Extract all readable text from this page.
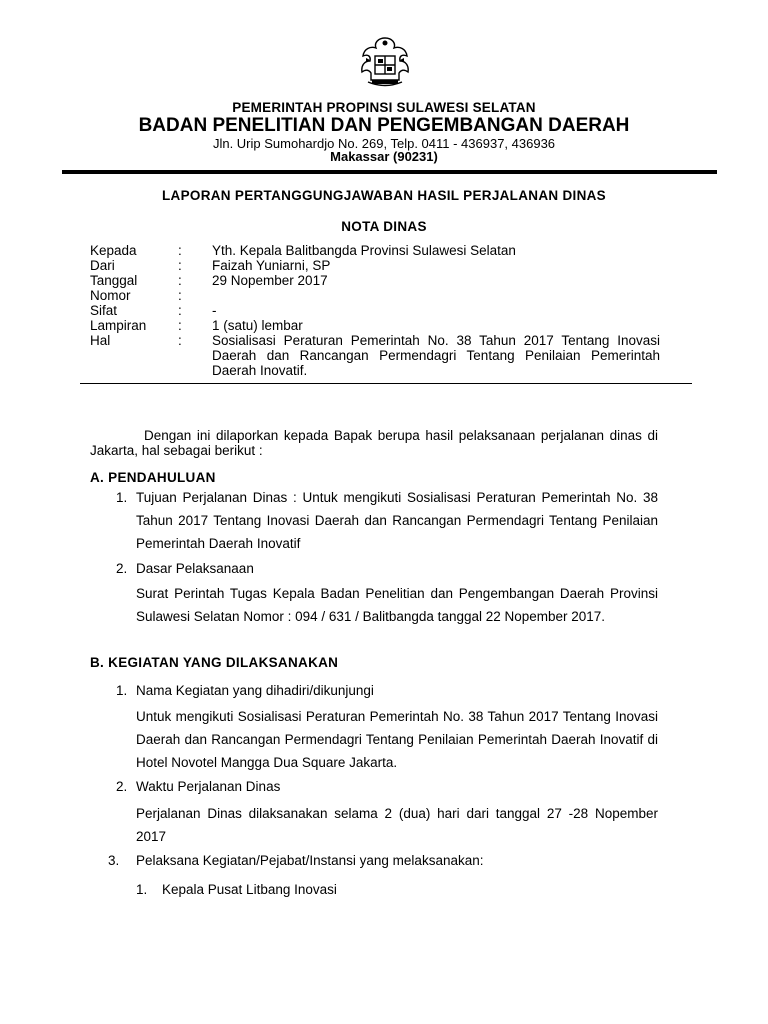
PEMERINTAH PROPINSI SULAWESI SELATAN
BADAN PENELITIAN DAN PENGEMBANGAN DAERAH
Jln. Urip Sumohardjo No. 269, Telp. 0411 - 436937, 436936
Makassar (90231)
LAPORAN PERTANGGUNGJAWABAN HASIL PERJALANAN DINAS
NOTA DINAS
Kepada	:	Yth. Kepala Balitbangda Provinsi Sulawesi Selatan
Dari	:	Faizah Yuniarni, SP
Tanggal	:	29 Nopember 2017
Nomor	:
Sifat	:	-
Lampiran	:	1 (satu) lembar
Hal	:	Sosialisasi Peraturan Pemerintah No. 38 Tahun 2017 Tentang Inovasi Daerah dan Rancangan Permendagri Tentang Penilaian Pemerintah Daerah Inovatif.
Dengan ini dilaporkan kepada Bapak berupa hasil pelaksanaan perjalanan dinas di Jakarta, hal sebagai berikut :
A. PENDAHULUAN
1. Tujuan Perjalanan Dinas : Untuk mengikuti Sosialisasi Peraturan Pemerintah No. 38 Tahun 2017 Tentang Inovasi Daerah dan Rancangan Permendagri Tentang Penilaian Pemerintah Daerah Inovatif
2. Dasar Pelaksanaan
Surat Perintah Tugas Kepala Badan Penelitian dan Pengembangan Daerah Provinsi Sulawesi Selatan Nomor : 094 / 631 / Balitbangda tanggal 22 Nopember 2017.
B. KEGIATAN YANG DILAKSANAKAN
1. Nama Kegiatan yang dihadiri/dikunjungi
Untuk mengikuti Sosialisasi Peraturan Pemerintah No. 38 Tahun 2017 Tentang Inovasi Daerah dan Rancangan Permendagri Tentang Penilaian Pemerintah Daerah Inovatif di Hotel Novotel Mangga Dua Square Jakarta.
2. Waktu Perjalanan Dinas
Perjalanan Dinas dilaksanakan selama 2 (dua) hari dari tanggal 27 -28 Nopember 2017
3. Pelaksana Kegiatan/Pejabat/Instansi yang melaksanakan:
1. Kepala Pusat Litbang Inovasi
